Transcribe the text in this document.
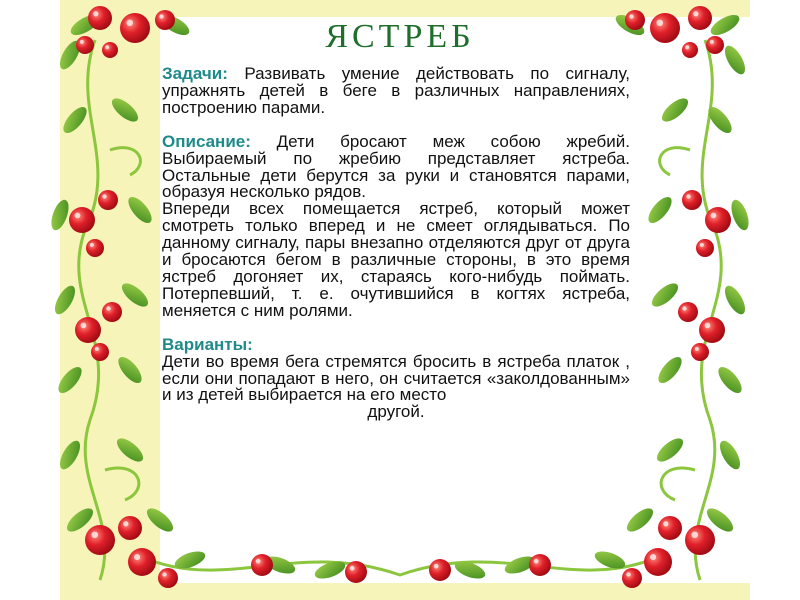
ЯСТРЕБ

Задачи: Развивать умение действовать по сигналу, упражнять детей в беге в различных направлениях, построению парами.

Описание: Дети бросают меж собою жребий. Выбираемый по жребию представляет ястреба. Остальные дети берутся за руки и становятся парами, образуя несколько рядов.

Впереди всех помещается ястреб, который может смотреть только вперед и не смеет оглядываться. По данному сигналу, пары внезапно отделяются друг от друга и бросаются бегом в различные стороны, в это время ястреб догоняет их, стараясь кого-нибудь поймать. Потерпевший, т. е. очутившийся в когтях ястреба, меняется с ним ролями.

Варианты:
Дети во время бега стремятся бросить в ястреба платок , если они попадают в него, он считается «заколдованным» и из детей выбирается на его место
другой.
